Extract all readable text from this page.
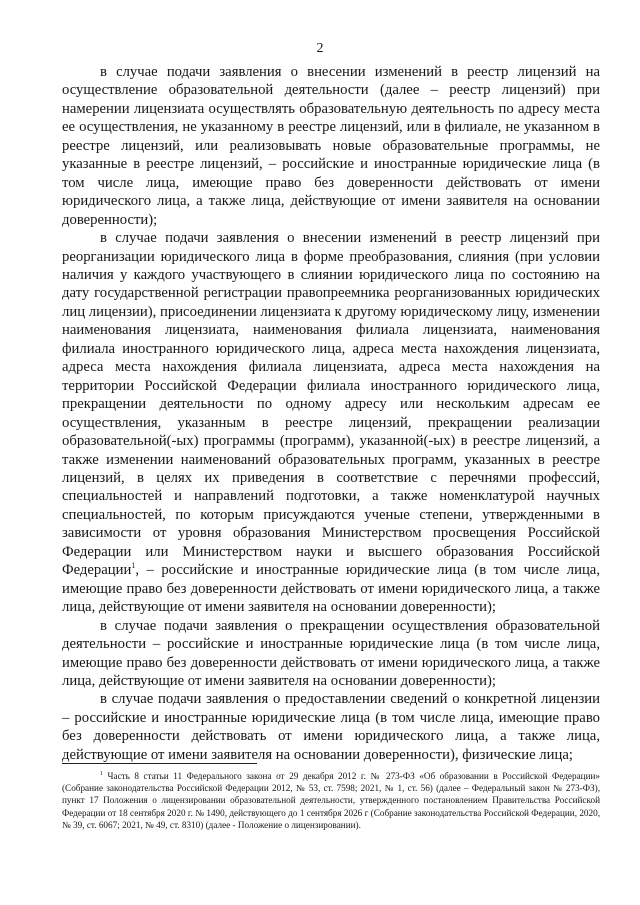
2

в случае подачи заявления о внесении изменений в реестр лицензий на осуществление образовательной деятельности (далее – реестр лицензий) при намерении лицензиата осуществлять образовательную деятельность по адресу места ее осуществления, не указанному в реестре лицензий, или в филиале, не указанном в реестре лицензий, или реализовывать новые образовательные программы, не указанные в реестре лицензий, – российские и иностранные юридические лица (в том числе лица, имеющие право без доверенности действовать от имени юридического лица, а также лица, действующие от имени заявителя на основании доверенности);

в случае подачи заявления о внесении изменений в реестр лицензий при реорганизации юридического лица в форме преобразования, слияния (при условии наличия у каждого участвующего в слиянии юридического лица по состоянию на дату государственной регистрации правопреемника реорганизованных юридических лиц лицензии), присоединении лицензиата к другому юридическому лицу, изменении наименования лицензиата, наименования филиала лицензиата, наименования филиала иностранного юридического лица, адреса места нахождения лицензиата, адреса места нахождения филиала лицензиата, адреса места нахождения на территории Российской Федерации филиала иностранного юридического лица, прекращении деятельности по одному адресу или нескольким адресам ее осуществления, указанным в реестре лицензий, прекращении реализации образовательной(-ых) программы (программ), указанной(-ых) в реестре лицензий, а также изменении наименований образовательных программ, указанных в реестре лицензий, в целях их приведения в соответствие с перечнями профессий, специальностей и направлений подготовки, а также номенклатурой научных специальностей, по которым присуждаются ученые степени, утвержденными в зависимости от уровня образования Министерством просвещения Российской Федерации или Министерством науки и высшего образования Российской Федерации$^1$, – российские и иностранные юридические лица (в том числе лица, имеющие право без доверенности действовать от имени юридического лица, а также лица, действующие от имени заявителя на основании доверенности);

в случае подачи заявления о прекращении осуществления образовательной деятельности – российские и иностранные юридические лица (в том числе лица, имеющие право без доверенности действовать от имени юридического лица, а также лица, действующие от имени заявителя на основании доверенности);

в случае подачи заявления о предоставлении сведений о конкретной лицензии – российские и иностранные юридические лица (в том числе лица, имеющие право без доверенности действовать от имени юридического лица, а также лица, действующие от имени заявителя на основании доверенности), физические лица;

$^1$ Часть 8 статьи 11 Федерального закона от 29 декабря 2012 г. № 273-ФЗ «Об образовании в Российской Федерации» (Собрание законодательства Российской Федерации 2012, № 53, ст. 7598; 2021, № 1, ст. 56) (далее – Федеральный закон № 273-ФЗ), пункт 17 Положения о лицензировании образовательной деятельности, утвержденного постановлением Правительства Российской Федерации от 18 сентября 2020 г. № 1490, действующего до 1 сентября 2026 г (Собрание законодательства Российской Федерации, 2020, № 39, ст. 6067; 2021, № 49, ст. 8310) (далее - Положение о лицензировании).
